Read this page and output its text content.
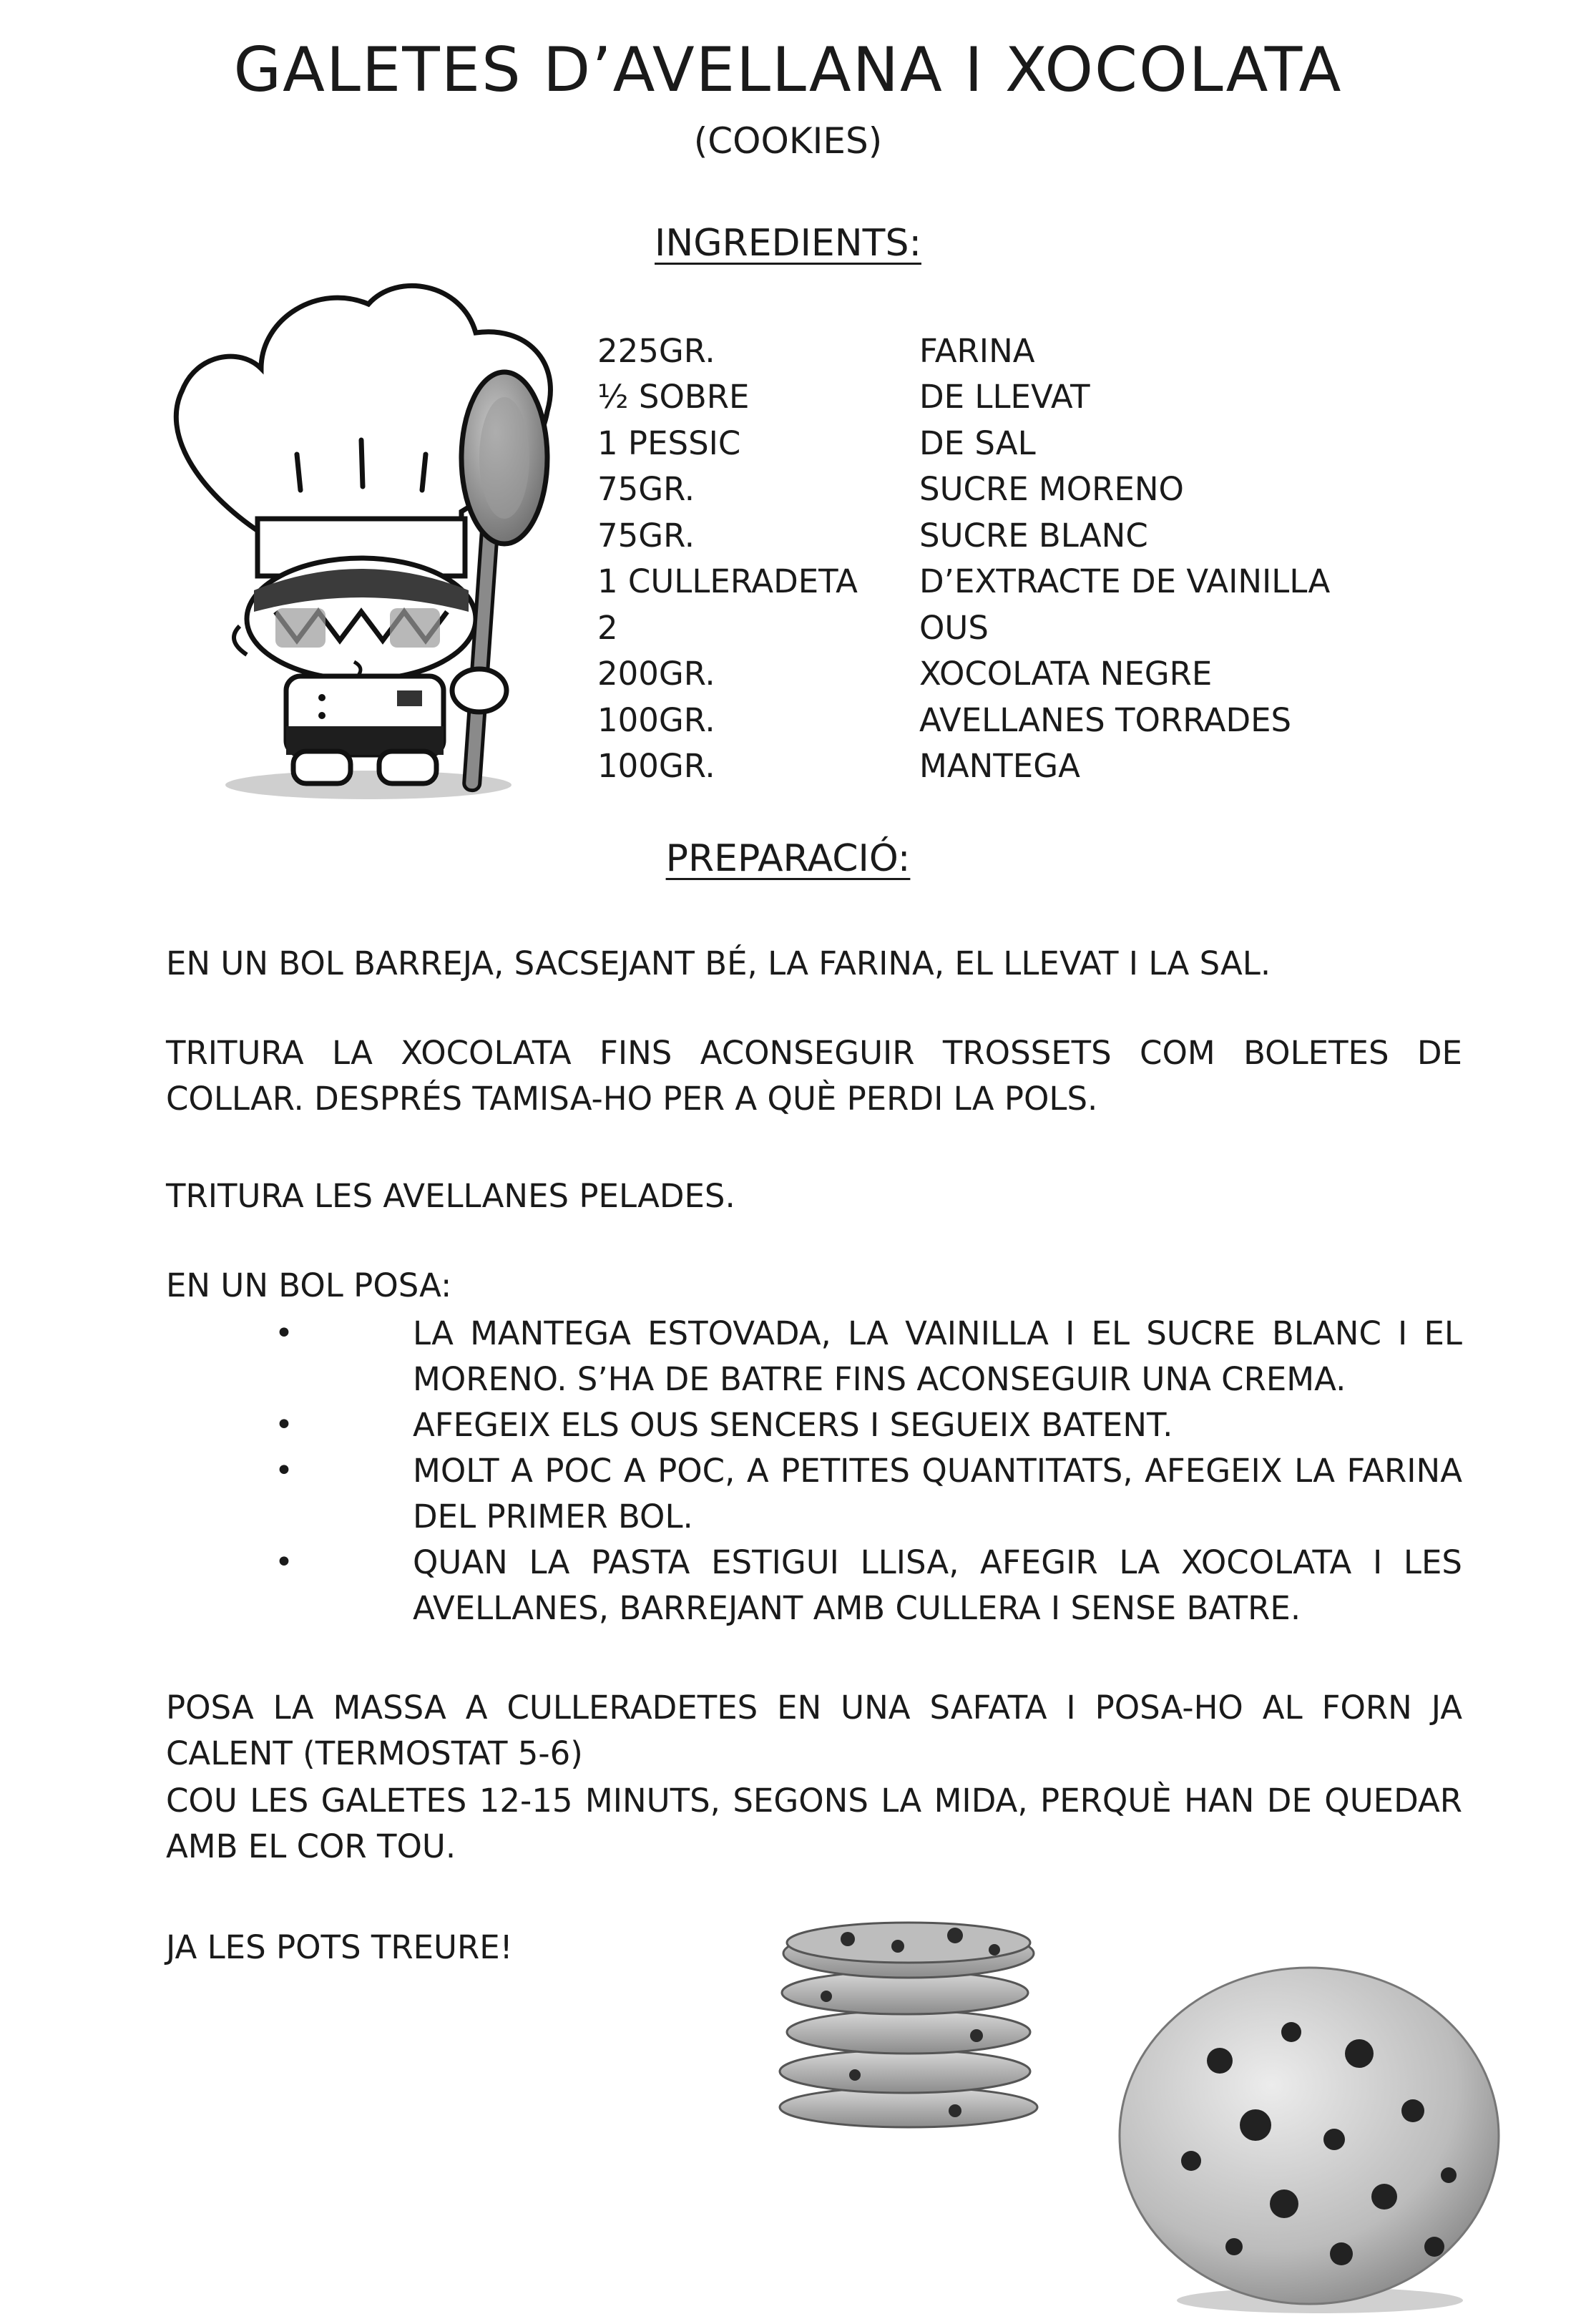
GALETES D’AVELLANA I XOCOLATA
(COOKIES)
INGREDIENTS:
225GR.	FARINA
½ SOBRE	DE LLEVAT
1 PESSIC	DE SAL
75GR.	SUCRE MORENO
75GR.	SUCRE BLANC
1 CULLERADETA	D’EXTRACTE DE VAINILLA
2	OUS
200GR.	XOCOLATA NEGRE
100GR.	AVELLANES TORRADES
100GR.	MANTEGA
PREPARACIÓ:

EN UN BOL BARREJA, SACSEJANT BÉ, LA FARINA, EL LLEVAT I LA SAL.

TRITURA LA XOCOLATA FINS ACONSEGUIR TROSSETS COM BOLETES DE COLLAR. DESPRÉS TAMISA-HO PER A QUÈ PERDI LA POLS.

TRITURA LES AVELLANES PELADES.

EN UN BOL POSA:

•	LA MANTEGA ESTOVADA, LA VAINILLA I EL SUCRE BLANC I EL MORENO. S’HA DE BATRE FINS ACONSEGUIR UNA CREMA.
•	AFEGEIX ELS OUS SENCERS I SEGUEIX BATENT.
•	MOLT A POC A POC, A PETITES QUANTITATS, AFEGEIX LA FARINA DEL PRIMER BOL.
•	QUAN LA PASTA ESTIGUI LLISA, AFEGIR LA XOCOLATA I LES AVELLANES, BARREJANT AMB CULLERA I SENSE BATRE.

POSA LA MASSA A CULLERADETES EN UNA SAFATA I POSA-HO AL FORN JA CALENT (TERMOSTAT 5-6)

COU LES GALETES 12-15 MINUTS, SEGONS LA MIDA, PERQUÈ HAN DE QUEDAR AMB EL COR TOU.

JA LES POTS TREURE!
